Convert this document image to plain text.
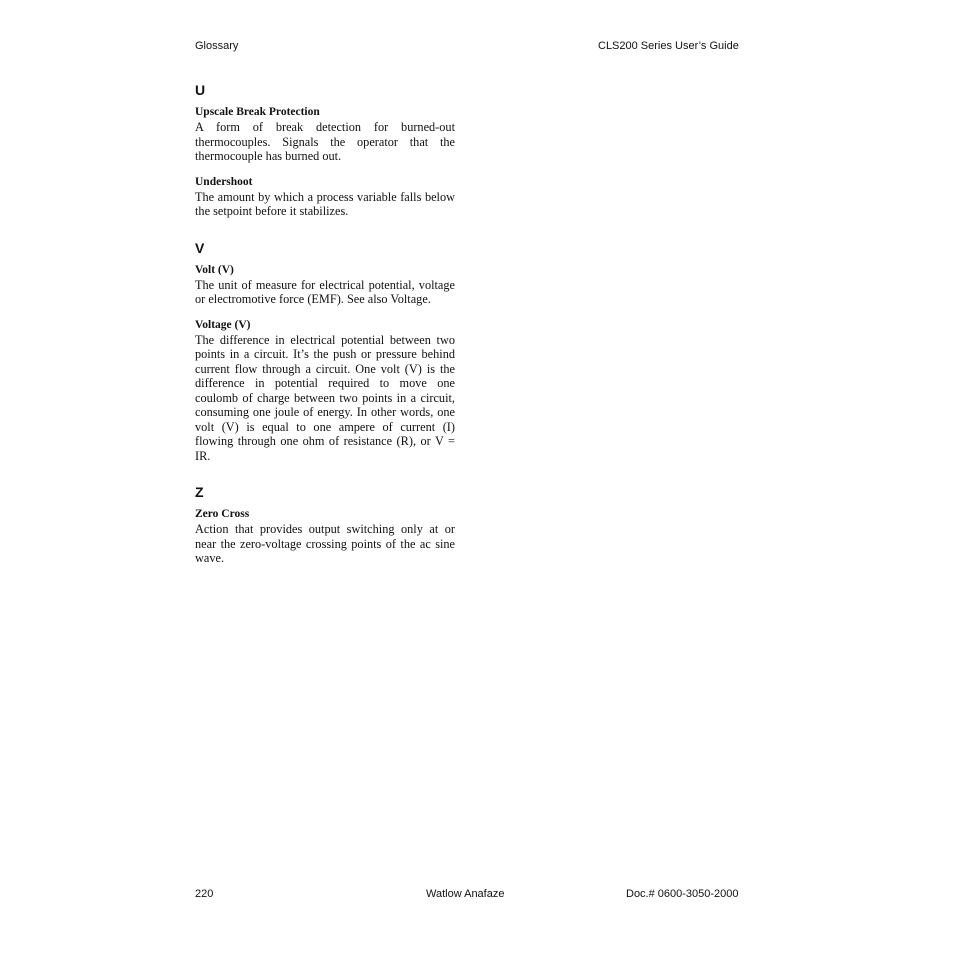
Glossary	CLS200 Series User’s Guide
U
Upscale Break Protection

A form of break detection for burned-out thermocouples. Signals the operator that the thermocouple has burned out.

Undershoot

The amount by which a process variable falls below the setpoint before it stabilizes.

V
Volt (V)

The unit of measure for electrical potential, voltage or electromotive force (EMF). See also Voltage.

Voltage (V)

The difference in electrical potential between two points in a circuit. It’s the push or pressure behind current flow through a circuit. One volt (V) is the difference in potential required to move one coulomb of charge between two points in a circuit, consuming one joule of energy. In other words, one volt (V) is equal to one ampere of current (I) flowing through one ohm of resistance (R), or V = IR.

Z
Zero Cross

Action that provides output switching only at or near the zero-voltage crossing points of the ac sine wave.

220	Watlow Anafaze	Doc.# 0600-3050-2000
